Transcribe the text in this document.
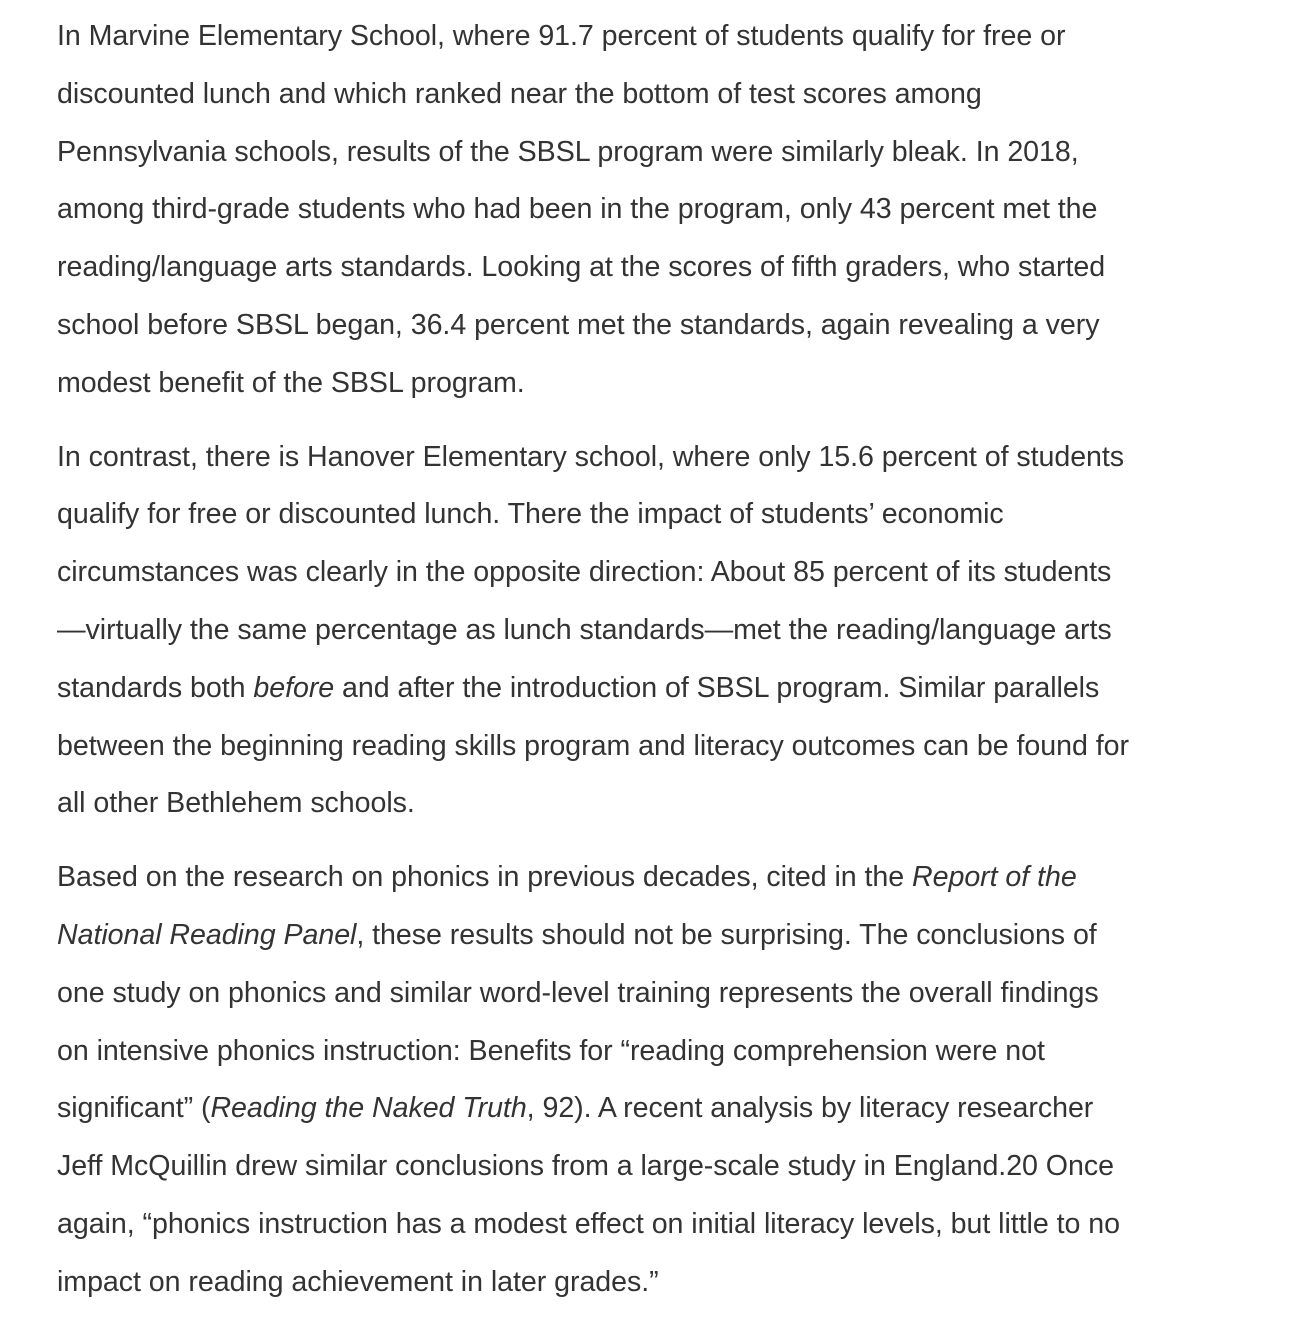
In Marvine Elementary School, where 91.7 percent of students qualify for free or
discounted lunch and which ranked near the bottom of test scores among
Pennsylvania schools, results of the SBSL program were similarly bleak. In 2018,
among third-grade students who had been in the program, only 43 percent met the
reading/language arts standards. Looking at the scores of fifth graders, who started
school before SBSL began, 36.4 percent met the standards, again revealing a very
modest benefit of the SBSL program.

In contrast, there is Hanover Elementary school, where only 15.6 percent of students
qualify for free or discounted lunch. There the impact of students’ economic
circumstances was clearly in the opposite direction: About 85 percent of its students
—virtually the same percentage as lunch standards—met the reading/language arts
standards both before and after the introduction of SBSL program. Similar parallels
between the beginning reading skills program and literacy outcomes can be found for
all other Bethlehem schools.

Based on the research on phonics in previous decades, cited in the Report of the
National Reading Panel, these results should not be surprising. The conclusions of
one study on phonics and similar word-level training represents the overall findings
on intensive phonics instruction: Benefits for “reading comprehension were not
significant” (Reading the Naked Truth, 92). A recent analysis by literacy researcher
Jeff McQuillin drew similar conclusions from a large-scale study in England.20 Once
again, “phonics instruction has a modest effect on initial literacy levels, but little to no
impact on reading achievement in later grades.”
